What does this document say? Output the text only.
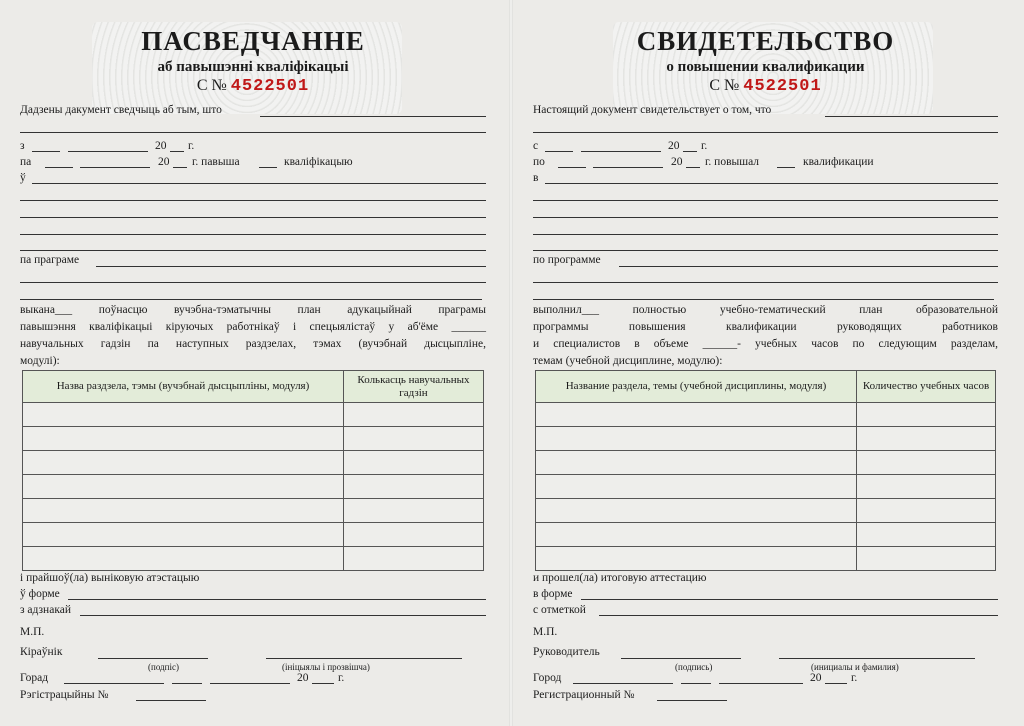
ПАСВЕДЧАННЕ
аб павышэнні кваліфікацыі
С № 4522501
Дадзены дакумент сведчыць аб тым, што
з	20 г.
па	20 г. павыша	кваліфікацыю
ў
па праграме
выкана___ поўнасцю вучэбна-тэматычны план адукацыйнай праграмы
павышэння кваліфікацыі кіруючых работнікаў і спецыялістаў у аб'ёме ______
навучальных гадзін па наступных раздзелах, тэмах (вучэбнай дысцыпліне,
модулі):
Назва раздзела, тэмы (вучэбнай дысцыпліны, модуля)	Колькасць навучальных гадзін

і прайшоў(ла) выніковую атэстацыю
ў форме
з адзнакай
М.П.
Кіраўнік
(подпіс)	(ініцыялы і прозвішча)
Горад	20	г.
Рэгістрацыйны №
СВИДЕТЕЛЬСТВО
о повышении квалификации
С № 4522501
Настоящий документ свидетельствует о том, что
с	20 г.
по	20 г. повышал	квалификации
в
по программе
выполнил___ полностью учебно-тематический план образовательной
программы повышения квалификации руководящих работников
и специалистов в объеме ______- учебных часов по следующим разделам,
темам (учебной дисциплине, модулю):
Название раздела, темы (учебной дисциплины, модуля)	Количество учебных часов

и прошел(ла) итоговую аттестацию
в форме
с отметкой
М.П.
Руководитель
(подпись)	(инициалы и фамилия)
Город	20	г.
Регистрационный №
